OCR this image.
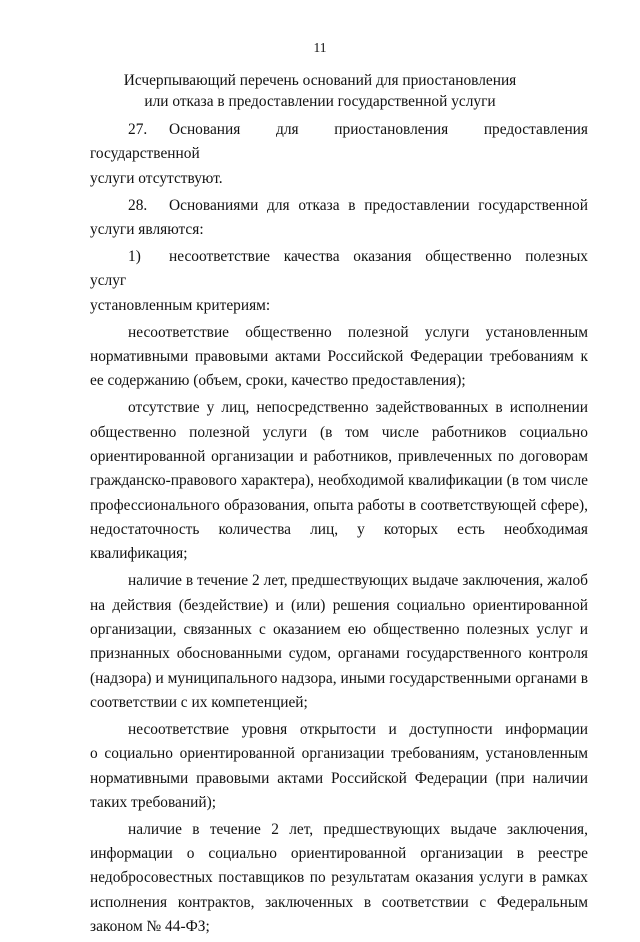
11
Исчерпывающий перечень оснований для приостановления
или отказа в предоставлении государственной услуги
27. Основания для приостановления предоставления государственной
услуги отсутствуют.
28. Основаниями для отказа в предоставлении государственной
услуги являются:
1) несоответствие качества оказания общественно полезных услуг
установленным критериям:
несоответствие общественно полезной услуги установленным
нормативными правовыми актами Российской Федерации требованиям к ее содержанию (объем, сроки, качество предоставления);
отсутствие у лиц, непосредственно задействованных в исполнении
общественно полезной услуги (в том числе работников социально ориентированной организации и работников, привлеченных по договорам гражданско-правового характера), необходимой квалификации (в том числе профессионального образования, опыта работы в соответствующей сфере), недостаточность количества лиц, у которых есть необходимая квалификация;
наличие в течение 2 лет, предшествующих выдаче заключения, жалоб
на действия (бездействие) и (или) решения социально ориентированной организации, связанных с оказанием ею общественно полезных услуг и признанных обоснованными судом, органами государственного контроля (надзора) и муниципального надзора, иными государственными органами в соответствии с их компетенцией;
несоответствие уровня открытости и доступности информации
о социально ориентированной организации требованиям, установленным нормативными правовыми актами Российской Федерации (при наличии таких требований);
наличие в течение 2 лет, предшествующих выдаче заключения,
информации о социально ориентированной организации в реестре недобросовестных поставщиков по результатам оказания услуги в рамках исполнения контрактов, заключенных в соответствии с Федеральным законом № 44-ФЗ;
